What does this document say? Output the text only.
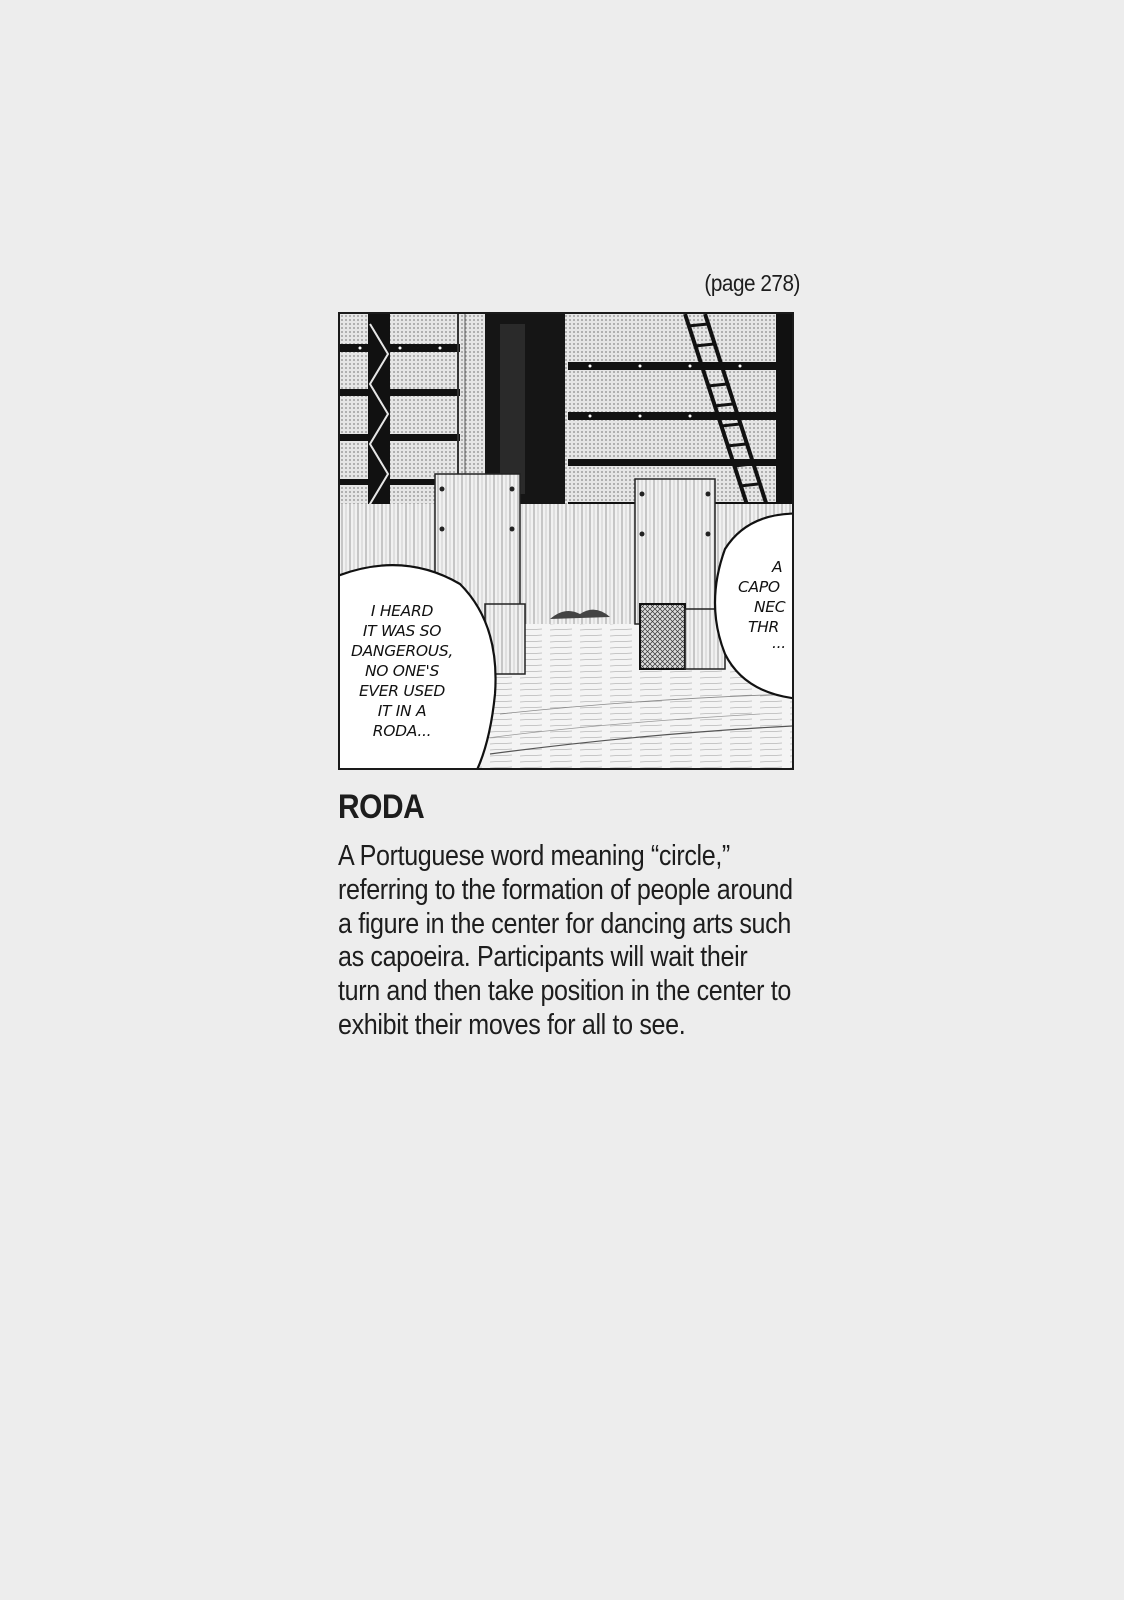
(page 278)
I HEARD
IT WAS SO
DANGEROUS,
NO ONE'S
EVER USED
IT IN A
RODA...
A
CAPO
NEC
THR
...
RODA

A Portuguese word meaning “circle,” referring to the formation of people around a figure in the center for dancing arts such as capoeira. Participants will wait their turn and then take position in the center to exhibit their moves for all to see.
